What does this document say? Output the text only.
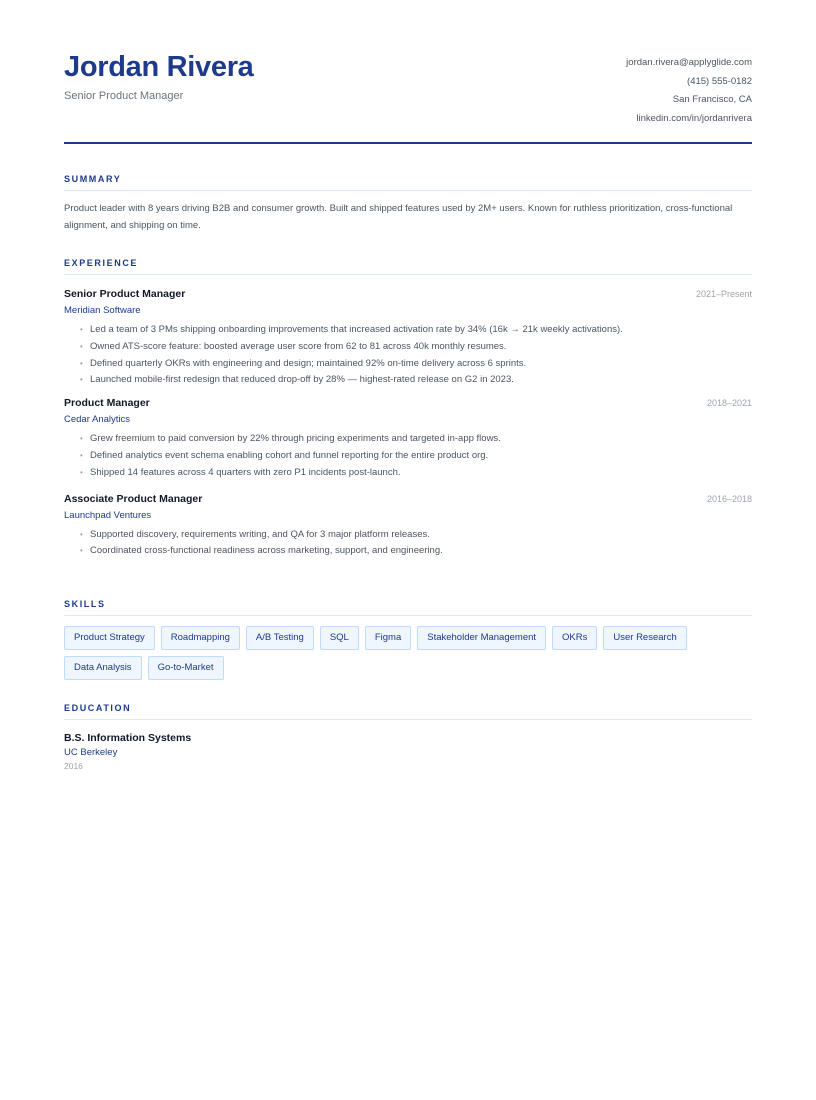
Jordan Rivera
Senior Product Manager
jordan.rivera@applyglide.com
(415) 555-0182
San Francisco, CA
linkedin.com/in/jordanrivera
SUMMARY

Product leader with 8 years driving B2B and consumer growth. Built and shipped features used by 2M+ users. Known for ruthless prioritization, cross-functional alignment, and shipping on time.

EXPERIENCE
Senior Product Manager	2021–Present
Meridian Software
• Led a team of 3 PMs shipping onboarding improvements that increased activation rate by 34% (16k → 21k weekly activations).
• Owned ATS-score feature: boosted average user score from 62 to 81 across 40k monthly resumes.
• Defined quarterly OKRs with engineering and design; maintained 92% on-time delivery across 6 sprints.
• Launched mobile-first redesign that reduced drop-off by 28% — highest-rated release on G2 in 2023.
Product Manager	2018–2021
Cedar Analytics
• Grew freemium to paid conversion by 22% through pricing experiments and targeted in-app flows.
• Defined analytics event schema enabling cohort and funnel reporting for the entire product org.
• Shipped 14 features across 4 quarters with zero P1 incidents post-launch.
Associate Product Manager	2016–2018
Launchpad Ventures
• Supported discovery, requirements writing, and QA for 3 major platform releases.
• Coordinated cross-functional readiness across marketing, support, and engineering.
SKILLS
Product Strategy	Roadmapping	A/B Testing	SQL	Figma	Stakeholder Management	OKRs	User Research
Data Analysis	Go-to-Market
EDUCATION
B.S. Information Systems
UC Berkeley
2016
